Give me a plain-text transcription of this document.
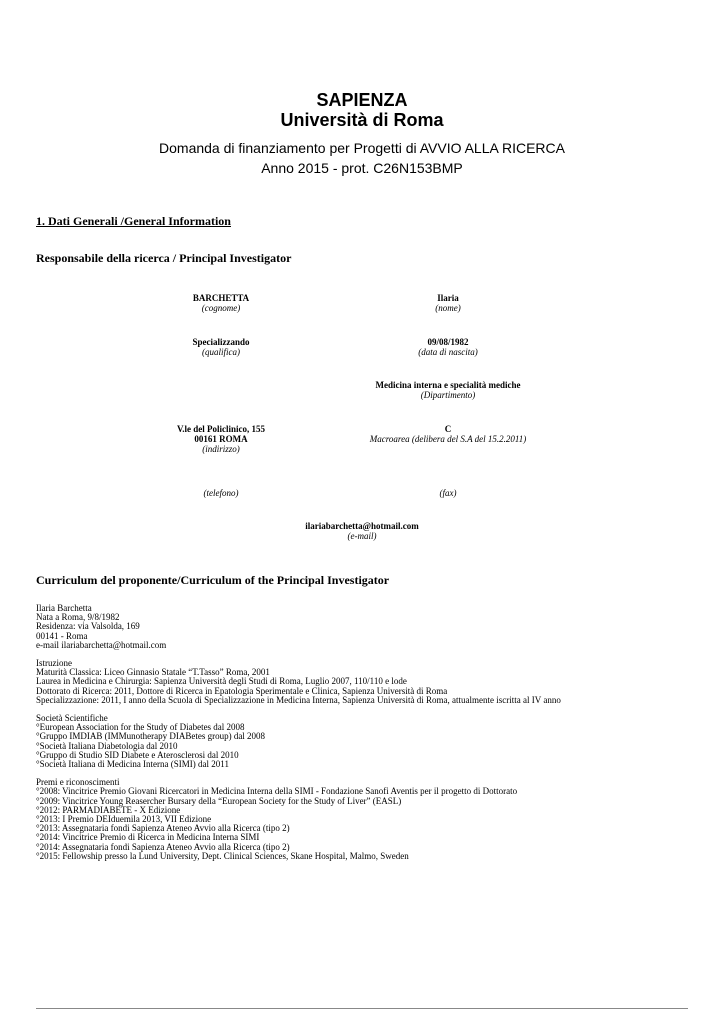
SAPIENZA
Università di Roma
Domanda di finanziamento per Progetti di AVVIO ALLA RICERCA
Anno 2015 - prot. C26N153BMP
1. Dati Generali /General Information
Responsabile della ricerca / Principal Investigator
BARCHETTA
(cognome)
Ilaria
(nome)
Specializzando
(qualifica)
09/08/1982
(data di nascita)
Medicina interna e specialità mediche
(Dipartimento)
V.le del Policlinico, 155
00161 ROMA
(indirizzo)
C
Macroarea (delibera del S.A del 15.2.2011)
(telefono)	(fax)
ilariabarchetta@hotmail.com
(e-mail)
Curriculum del proponente/Curriculum of the Principal Investigator

Ilaria Barchetta
Nata a Roma, 9/8/1982
Residenza: via Valsolda, 169
00141 - Roma
e-mail ilariabarchetta@hotmail.com

Istruzione
Maturità Classica: Liceo Ginnasio Statale “T.Tasso” Roma, 2001
Laurea in Medicina e Chirurgia: Sapienza Università degli Studi di Roma, Luglio 2007, 110/110 e lode
Dottorato di Ricerca: 2011, Dottore di Ricerca in Epatologia Sperimentale e Clinica, Sapienza Università di Roma
Specializzazione: 2011, I anno della Scuola di Specializzazione in Medicina Interna, Sapienza Università di Roma, attualmente iscritta al IV anno

Società Scientifiche
°European Association for the Study of Diabetes dal 2008
°Gruppo IMDIAB (IMMunotherapy DIABetes group) dal 2008
°Società Italiana Diabetologia dal 2010
°Gruppo di Studio SID Diabete e Aterosclerosi dal 2010
°Società Italiana di Medicina Interna (SIMI) dal 2011

Premi e riconoscimenti
°2008: Vincitrice Premio Giovani Ricercatori in Medicina Interna della SIMI - Fondazione Sanofi Aventis per il progetto di Dottorato
°2009: Vincitrice Young Reasercher Bursary della “European Society for the Study of Liver” (EASL)
°2012: PARMADIABETE - X Edizione
°2013: I Premio DEIduemila 2013, VII Edizione
°2013: Assegnataria fondi Sapienza Ateneo Avvio alla Ricerca (tipo 2)
°2014: Vincitrice Premio di Ricerca in Medicina Interna SIMI
°2014: Assegnataria fondi Sapienza Ateneo Avvio alla Ricerca (tipo 2)
°2015: Fellowship presso la Lund University, Dept. Clinical Sciences, Skane Hospital, Malmo, Sweden
